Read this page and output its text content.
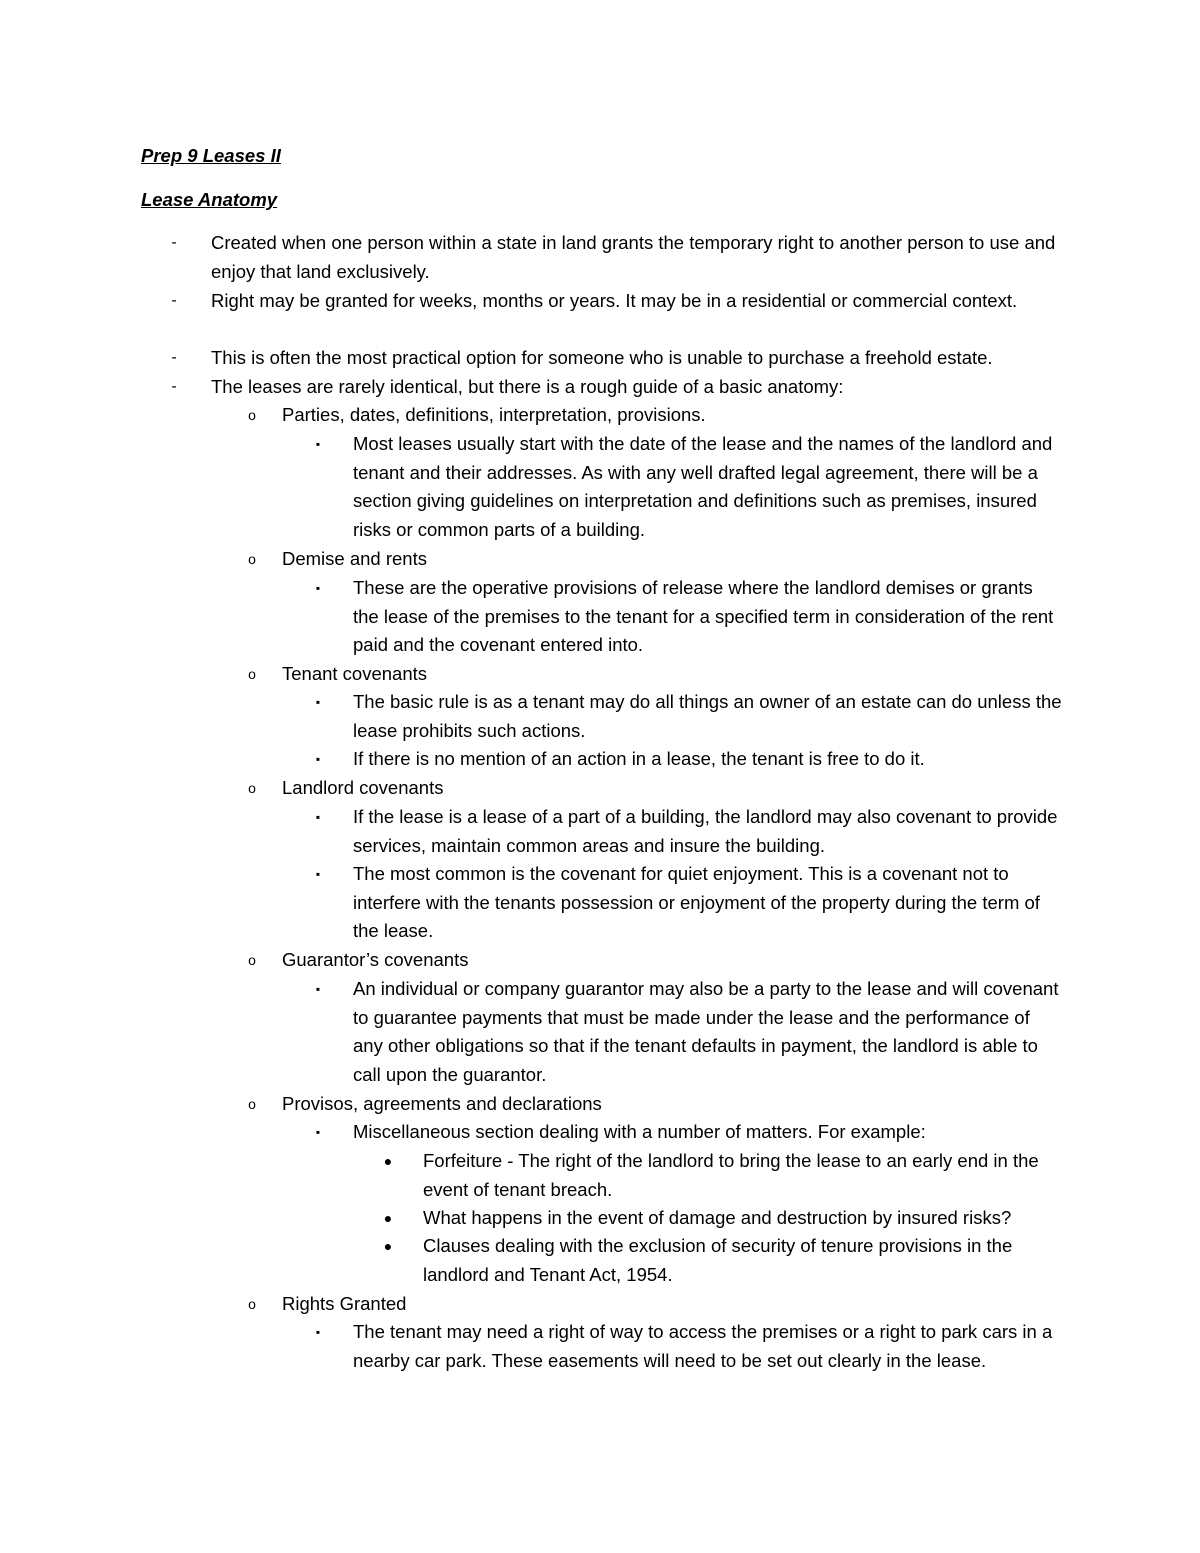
Prep 9 Leases II
Lease Anatomy
-	Created when one person within a state in land grants the temporary right to another person to use and enjoy that land exclusively.
-	Right may be granted for weeks, months or years. It may be in a residential or commercial context.
-	This is often the most practical option for someone who is unable to purchase a freehold estate.
-	The leases are rarely identical, but there is a rough guide of a basic anatomy:
o	Parties, dates, definitions, interpretation, provisions.
▪	Most leases usually start with the date of the lease and the names of the landlord and tenant and their addresses. As with any well drafted legal agreement, there will be a section giving guidelines on interpretation and definitions such as premises, insured risks or common parts of a building.
o	Demise and rents
▪	These are the operative provisions of release where the landlord demises or grants the lease of the premises to the tenant for a specified term in consideration of the rent paid and the covenant entered into.
o	Tenant covenants
▪	The basic rule is as a tenant may do all things an owner of an estate can do unless the lease prohibits such actions.
▪	If there is no mention of an action in a lease, the tenant is free to do it.
o	Landlord covenants
▪	If the lease is a lease of a part of a building, the landlord may also covenant to provide services, maintain common areas and insure the building.
▪	The most common is the covenant for quiet enjoyment. This is a covenant not to interfere with the tenants possession or enjoyment of the property during the term of the lease.
o	Guarantor’s covenants
▪	An individual or company guarantor may also be a party to the lease and will covenant to guarantee payments that must be made under the lease and the performance of any other obligations so that if the tenant defaults in payment, the landlord is able to call upon the guarantor.
o	Provisos, agreements and declarations
▪	Miscellaneous section dealing with a number of matters. For example:
●	Forfeiture - The right of the landlord to bring the lease to an early end in the event of tenant breach.
●	What happens in the event of damage and destruction by insured risks?
●	Clauses dealing with the exclusion of security of tenure provisions in the landlord and Tenant Act, 1954.
o	Rights Granted
▪	The tenant may need a right of way to access the premises or a right to park cars in a nearby car park. These easements will need to be set out clearly in the lease.
